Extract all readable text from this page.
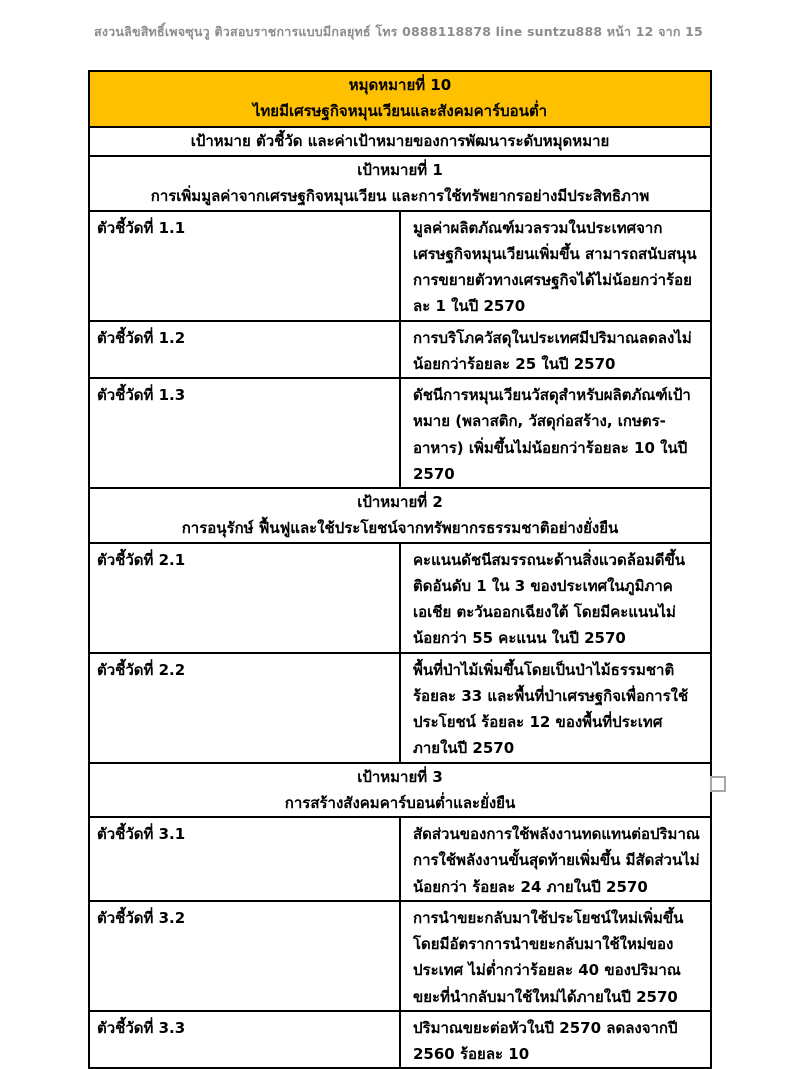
สงวนลิขสิทธิ์เพจซุนวู ติวสอบราชการแบบมีกลยุทธ์ โทร 0888118878 line suntzu888 หน้า 12 จาก 15
หมุดหมายที่ 10
ไทยมีเศรษฐกิจหมุนเวียนและสังคมคาร์บอนต่ำ	

เป้าหมาย ตัวชี้วัด และค่าเป้าหมายของการพัฒนาระดับหมุดหมาย	

เป้าหมายที่ 1
การเพิ่มมูลค่าจากเศรษฐกิจหมุนเวียน และการใช้ทรัพยากรอย่างมีประสิทธิภาพ	

ตัวชี้วัดที่ 1.1	มูลค่าผลิตภัณฑ์มวลรวมในประเทศจากเศรษฐกิจหมุนเวียนเพิ่มขึ้น สามารถสนับสนุน การขยายตัวทางเศรษฐกิจได้ไม่น้อยกว่าร้อยละ 1 ในปี 2570
ตัวชี้วัดที่ 1.2	การบริโภควัสดุในประเทศมีปริมาณลดลงไม่น้อยกว่าร้อยละ 25 ในปี 2570
ตัวชี้วัดที่ 1.3	ดัชนีการหมุนเวียนวัสดุสำหรับผลิตภัณฑ์เป้าหมาย (พลาสติก, วัสดุก่อสร้าง, เกษตร-อาหาร) เพิ่มขึ้นไม่น้อยกว่าร้อยละ 10 ในปี 2570

เป้าหมายที่ 2
การอนุรักษ์ ฟื้นฟูและใช้ประโยชน์จากทรัพยากรธรรมชาติอย่างยั่งยืน	

ตัวชี้วัดที่ 2.1	คะแนนดัชนีสมรรถนะด้านสิ่งแวดล้อมดีขึ้น ติดอันดับ 1 ใน 3 ของประเทศในภูมิภาคเอเชีย ตะวันออกเฉียงใต้ โดยมีคะแนนไม่น้อยกว่า 55 คะแนน ในปี 2570
ตัวชี้วัดที่ 2.2	พื้นที่ป่าไม้เพิ่มขึ้นโดยเป็นป่าไม้ธรรมชาติร้อยละ 33 และพื้นที่ป่าเศรษฐกิจเพื่อการใช้ประโยชน์ ร้อยละ 12 ของพื้นที่ประเทศ ภายในปี 2570

เป้าหมายที่ 3
การสร้างสังคมคาร์บอนต่ำและยั่งยืน	

ตัวชี้วัดที่ 3.1	สัดส่วนของการใช้พลังงานทดแทนต่อปริมาณการใช้พลังงานขั้นสุดท้ายเพิ่มขึ้น มีสัดส่วนไม่น้อยกว่า ร้อยละ 24 ภายในปี 2570
ตัวชี้วัดที่ 3.2	การนำขยะกลับมาใช้ประโยชน์ใหม่เพิ่มขึ้น โดยมีอัตราการนำขยะกลับมาใช้ใหม่ของประเทศ ไม่ต่ำกว่าร้อยละ 40 ของปริมาณขยะที่นำกลับมาใช้ใหม่ได้ภายในปี 2570
ตัวชี้วัดที่ 3.3	ปริมาณขยะต่อหัวในปี 2570 ลดลงจากปี 2560 ร้อยละ 10
